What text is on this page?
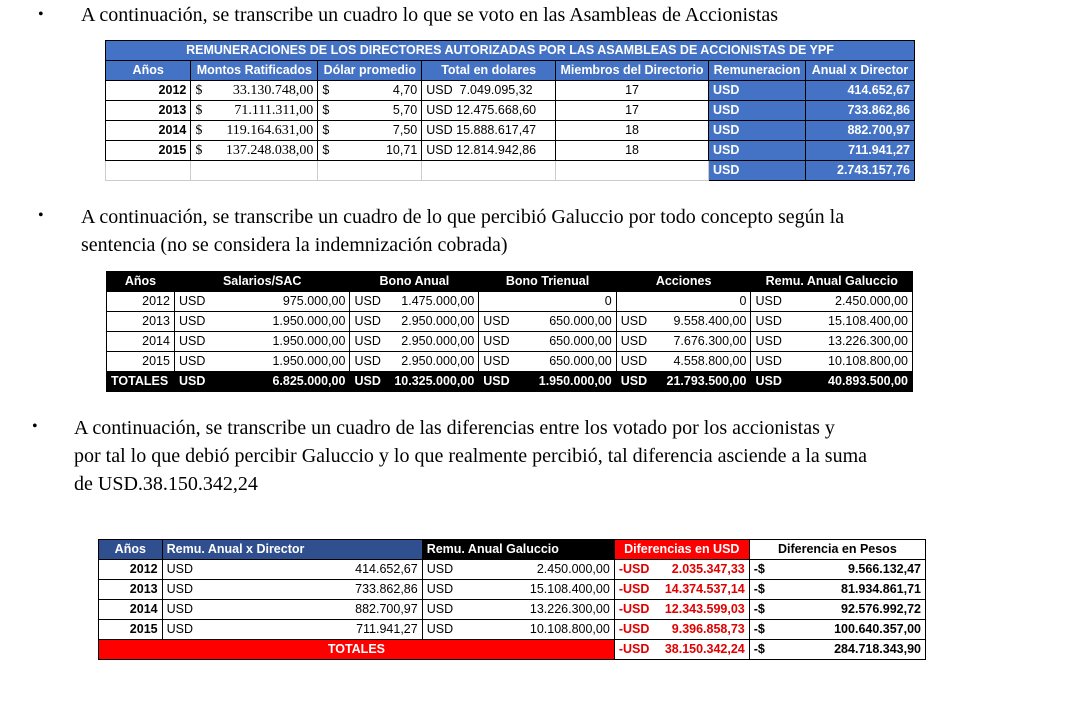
• A continuación, se transcribe un cuadro lo que se voto en las Asambleas de Accionistas
REMUNERACIONES DE LOS DIRECTORES AUTORIZADAS POR LAS ASAMBLEAS DE ACCIONISTAS DE YPF						
Años	Montos Ratificados	Dólar promedio	Total en dolares	Miembros del Directorio	Remuneracion	Anual x Director
2012	$ 33.130.748,00	$ 4,70	USD 7.049.095,32	17	USD	414.652,67
2013	$ 71.111.311,00	$ 5,70	USD 12.475.668,60	17	USD	733.862,86
2014	$ 119.164.631,00	$ 7,50	USD 15.888.617,47	18	USD	882.700,97
2015	$ 137.248.038,00	$ 10,71	USD 12.814.942,86	18	USD	711.941,27
					USD	2.743.157,76
• A continuación, se transcribe un cuadro de lo que percibió Galuccio por todo concepto según la
sentencia (no se considera la indemnización cobrada)
Años	Salarios/SAC		Bono Anual		Bono Trienual		Acciones		Remu. Anual Galuccio	
2012	USD	975.000,00	USD	1.475.000,00		0		0	USD	2.450.000,00
2013	USD	1.950.000,00	USD	2.950.000,00	USD	650.000,00	USD	9.558.400,00	USD	15.108.400,00
2014	USD	1.950.000,00	USD	2.950.000,00	USD	650.000,00	USD	7.676.300,00	USD	13.226.300,00
2015	USD	1.950.000,00	USD	2.950.000,00	USD	650.000,00	USD	4.558.800,00	USD	10.108.800,00
TOTALES	USD	6.825.000,00	USD	10.325.000,00	USD	1.950.000,00	USD	21.793.500,00	USD	40.893.500,00
• A continuación, se transcribe un cuadro de las diferencias entre los votado por los accionistas y
por tal lo que debió percibir Galuccio y lo que realmente percibió, tal diferencia asciende a la suma
de USD.38.150.342,24
Años	Remu. Anual x Director		Remu. Anual Galuccio		Diferencias en USD		Diferencia en Pesos	
2012	USD	414.652,67	USD	2.450.000,00	-USD	2.035.347,33	-$	9.566.132,47
2013	USD	733.862,86	USD	15.108.400,00	-USD	14.374.537,14	-$	81.934.861,71
2014	USD	882.700,97	USD	13.226.300,00	-USD	12.343.599,03	-$	92.576.992,72
2015	USD	711.941,27	USD	10.108.800,00	-USD	9.396.858,73	-$	100.640.357,00
TOTALES					-USD	38.150.342,24	-$	284.718.343,90
